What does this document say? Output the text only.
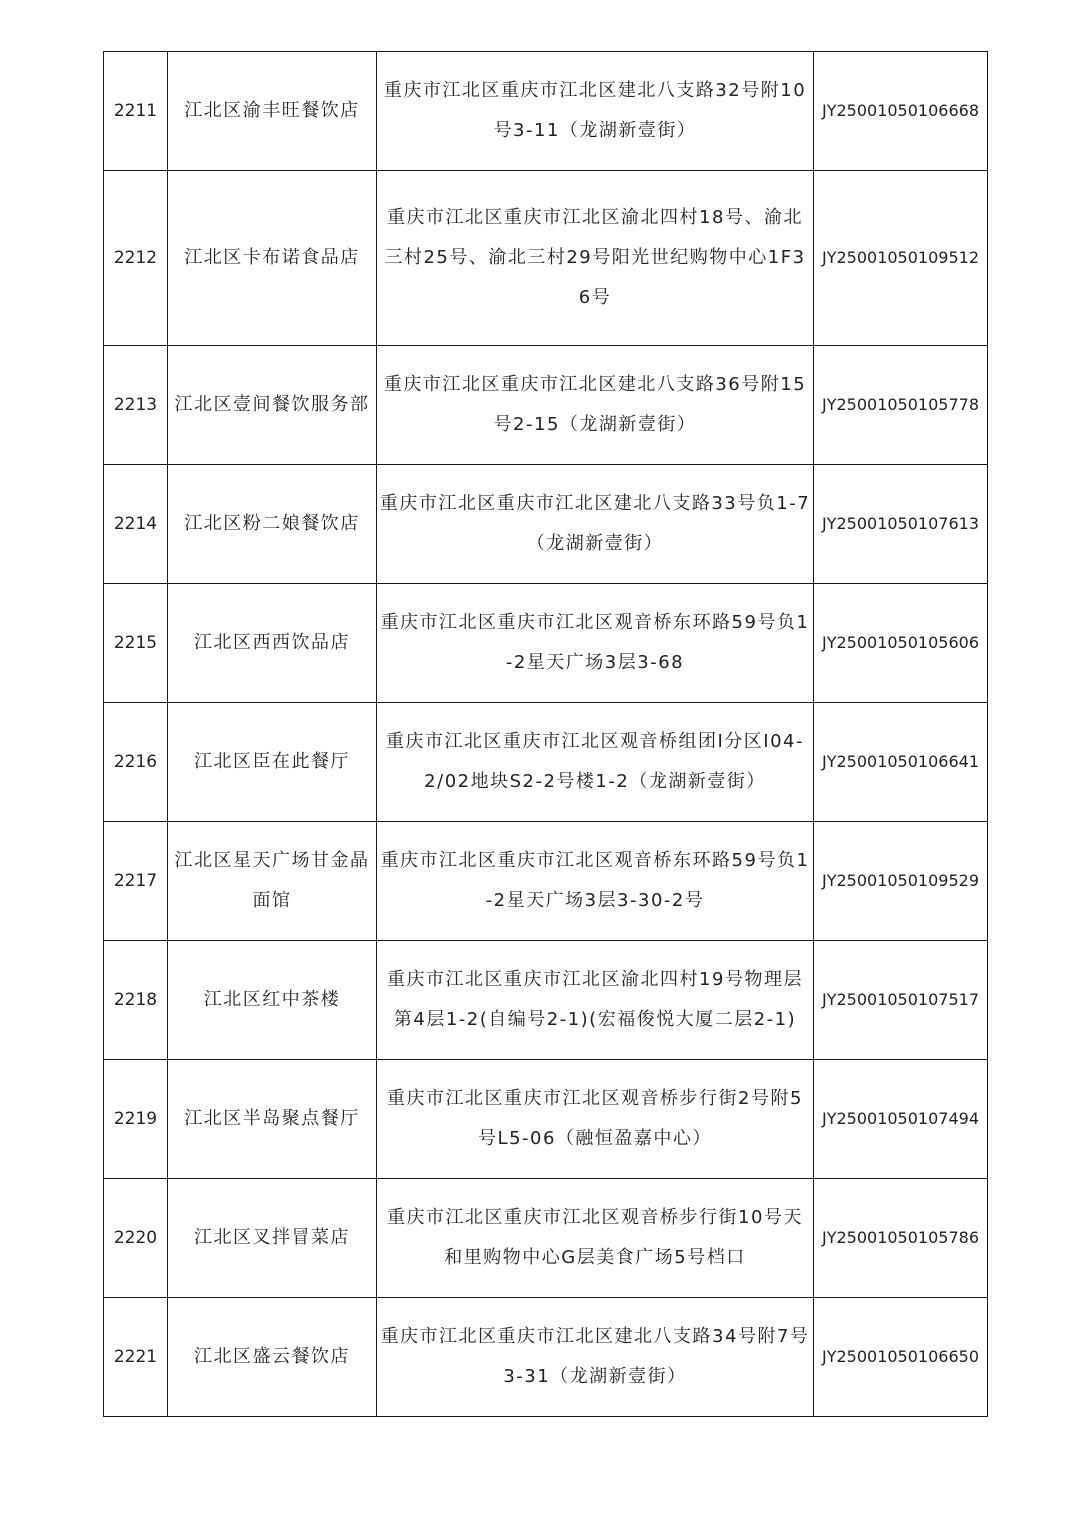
2211	江北区渝丰旺餐饮店	重庆市江北区重庆市江北区建北八支路32号附10号3-11（龙湖新壹街）	JY25001050106668
2212	江北区卡布诺食品店	重庆市江北区重庆市江北区渝北四村18号、渝北三村25号、渝北三村29号阳光世纪购物中心1F36号	JY25001050109512
2213	江北区壹间餐饮服务部	重庆市江北区重庆市江北区建北八支路36号附15号2-15（龙湖新壹街）	JY25001050105778
2214	江北区粉二娘餐饮店	重庆市江北区重庆市江北区建北八支路33号负1-7（龙湖新壹街）	JY25001050107613
2215	江北区西西饮品店	重庆市江北区重庆市江北区观音桥东环路59号负1-2星天广场3层3-68	JY25001050105606
2216	江北区臣在此餐厅	重庆市江北区重庆市江北区观音桥组团I分区I04-2/02地块S2-2号楼1-2（龙湖新壹街）	JY25001050106641
2217	江北区星天广场甘金晶面馆	重庆市江北区重庆市江北区观音桥东环路59号负1-2星天广场3层3-30-2号	JY25001050109529
2218	江北区红中茶楼	重庆市江北区重庆市江北区渝北四村19号物理层第4层1-2(自编号2-1)(宏福俊悦大厦二层2-1)	JY25001050107517
2219	江北区半岛聚点餐厅	重庆市江北区重庆市江北区观音桥步行街2号附5号L5-06（融恒盈嘉中心）	JY25001050107494
2220	江北区叉拌冒菜店	重庆市江北区重庆市江北区观音桥步行街10号天和里购物中心G层美食广场5号档口	JY25001050105786
2221	江北区盛云餐饮店	重庆市江北区重庆市江北区建北八支路34号附7号3-31（龙湖新壹街）	JY25001050106650
